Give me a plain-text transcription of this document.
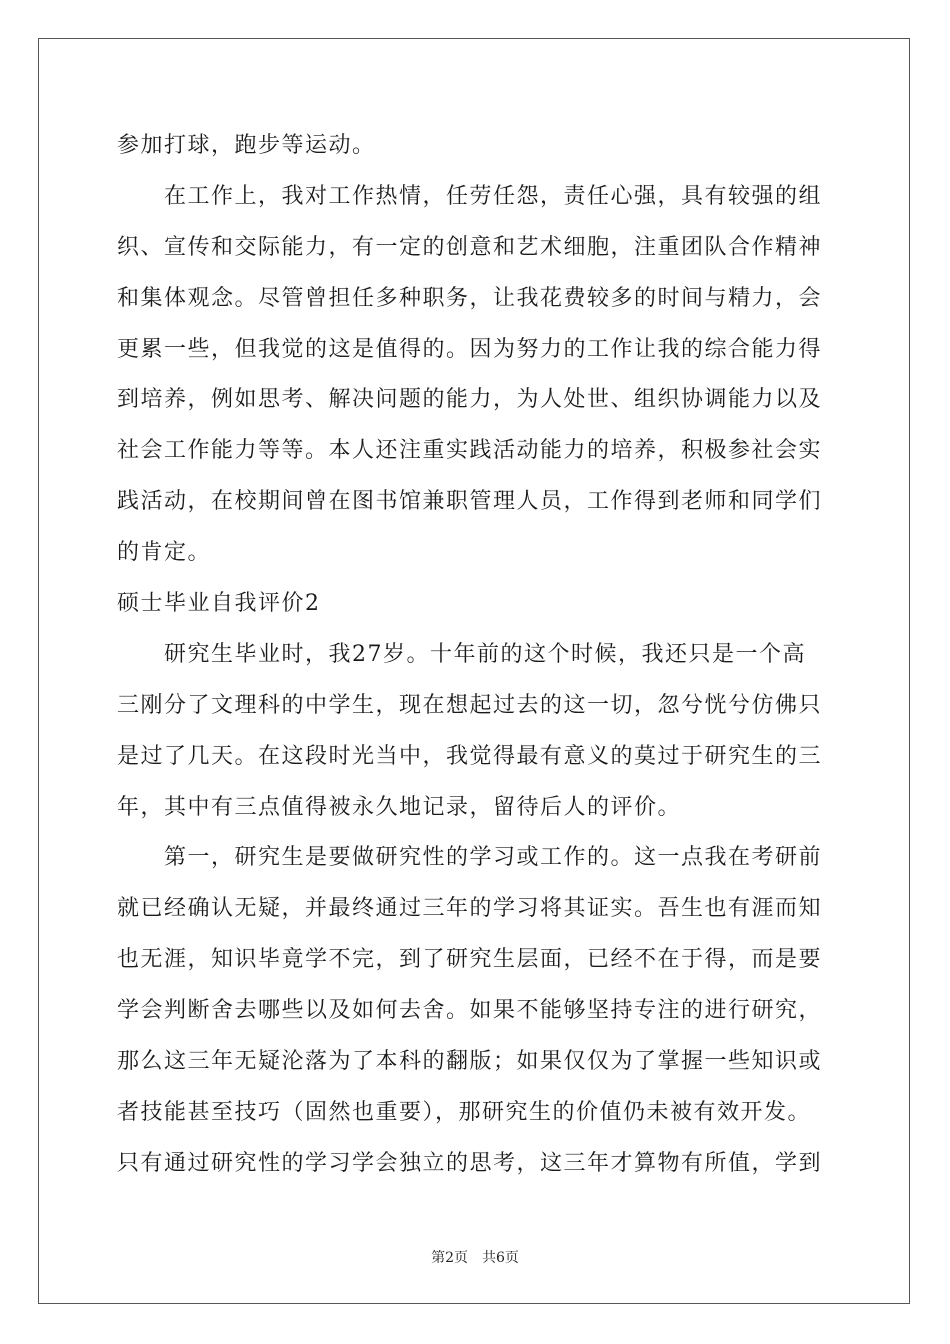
参加打球，跑步等运动。
　　在工作上，我对工作热情，任劳任怨，责任心强，具有较强的组
织、宣传和交际能力，有一定的创意和艺术细胞，注重团队合作精神
和集体观念。尽管曾担任多种职务，让我花费较多的时间与精力，会
更累一些，但我觉的这是值得的。因为努力的工作让我的综合能力得
到培养，例如思考、解决问题的能力，为人处世、组织协调能力以及
社会工作能力等等。本人还注重实践活动能力的培养，积极参社会实
践活动，在校期间曾在图书馆兼职管理人员，工作得到老师和同学们
的肯定。
硕士毕业自我评价2
　　研究生毕业时，我27岁。十年前的这个时候，我还只是一个高
三刚分了文理科的中学生，现在想起过去的这一切，忽兮恍兮仿佛只
是过了几天。在这段时光当中，我觉得最有意义的莫过于研究生的三
年，其中有三点值得被永久地记录，留待后人的评价。
　　第一，研究生是要做研究性的学习或工作的。这一点我在考研前
就已经确认无疑，并最终通过三年的学习将其证实。吾生也有涯而知
也无涯，知识毕竟学不完，到了研究生层面，已经不在于得，而是要
学会判断舍去哪些以及如何去舍。如果不能够坚持专注的进行研究，
那么这三年无疑沦落为了本科的翻版；如果仅仅为了掌握一些知识或
者技能甚至技巧（固然也重要），那研究生的价值仍未被有效开发。
只有通过研究性的学习学会独立的思考，这三年才算物有所值，学到
第2页　共6页
